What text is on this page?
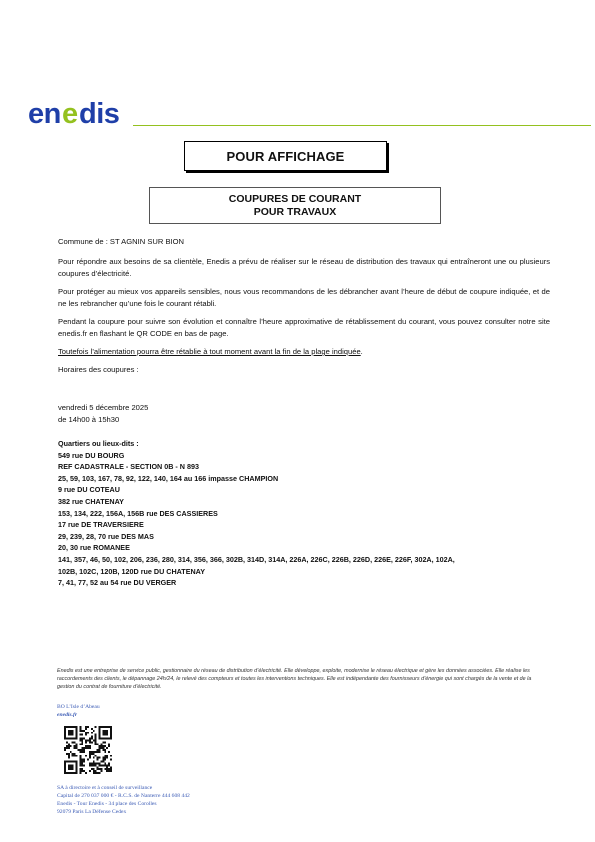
en e dis
POUR AFFICHAGE
COUPURES DE COURANT
POUR TRAVAUX
Commune de : ST AGNIN SUR BION
Pour répondre aux besoins de sa clientèle, Enedis a prévu de réaliser sur le réseau de distribution des travaux qui entraîneront une ou plusieurs coupures d’électricité.
Pour protéger au mieux vos appareils sensibles, nous vous recommandons de les débrancher avant l’heure de début de coupure indiquée, et de ne les rebrancher qu’une fois le courant rétabli.
Pendant la coupure pour suivre son évolution et connaître l’heure approximative de rétablissement du courant, vous pouvez consulter notre site enedis.fr en flashant le QR CODE en bas de page.
Toutefois l’alimentation pourra être rétablie à tout moment avant la fin de la plage indiquée.
Horaires des coupures :
vendredi 5 décembre 2025
de 14h00 à 15h30
Quartiers ou lieux-dits :
549 rue DU BOURG
REF CADASTRALE - SECTION 0B - N 893
25, 59, 103, 167, 78, 92, 122, 140, 164 au 166 impasse CHAMPION
9 rue DU COTEAU
382 rue CHATENAY
153, 134, 222, 156A, 156B rue DES CASSIERES
17 rue DE TRAVERSIERE
29, 239, 28, 70 rue DES MAS
20, 30 rue ROMANEE
141, 357, 46, 50, 102, 206, 236, 280, 314, 356, 366, 302B, 314D, 314A, 226A, 226C, 226B, 226D, 226E, 226F, 302A, 102A,
102B, 102C, 120B, 120D rue DU CHATENAY
7, 41, 77, 52 au 54 rue DU VERGER
Enedis est une entreprise de service public, gestionnaire du réseau de distribution d’électricité. Elle développe, exploite, modernise le réseau électrique et gère les données associées. Elle réalise les raccordements des clients, le dépannage 24h/24, le relevé des compteurs et toutes les interventions techniques. Elle est indépendante des fournisseurs d’énergie qui sont chargés de la vente et de la gestion du contrat de fourniture d’électricité.
BO L’Isle d’Abeau
enedis.fr
SA à directoire et à conseil de surveillance
Capital de 270 037 000 € - R.C.S. de Nanterre 444 608 442
Enedis - Tour Enedis - 34 place des Corolles
92079 Paris La Défense Cedex
